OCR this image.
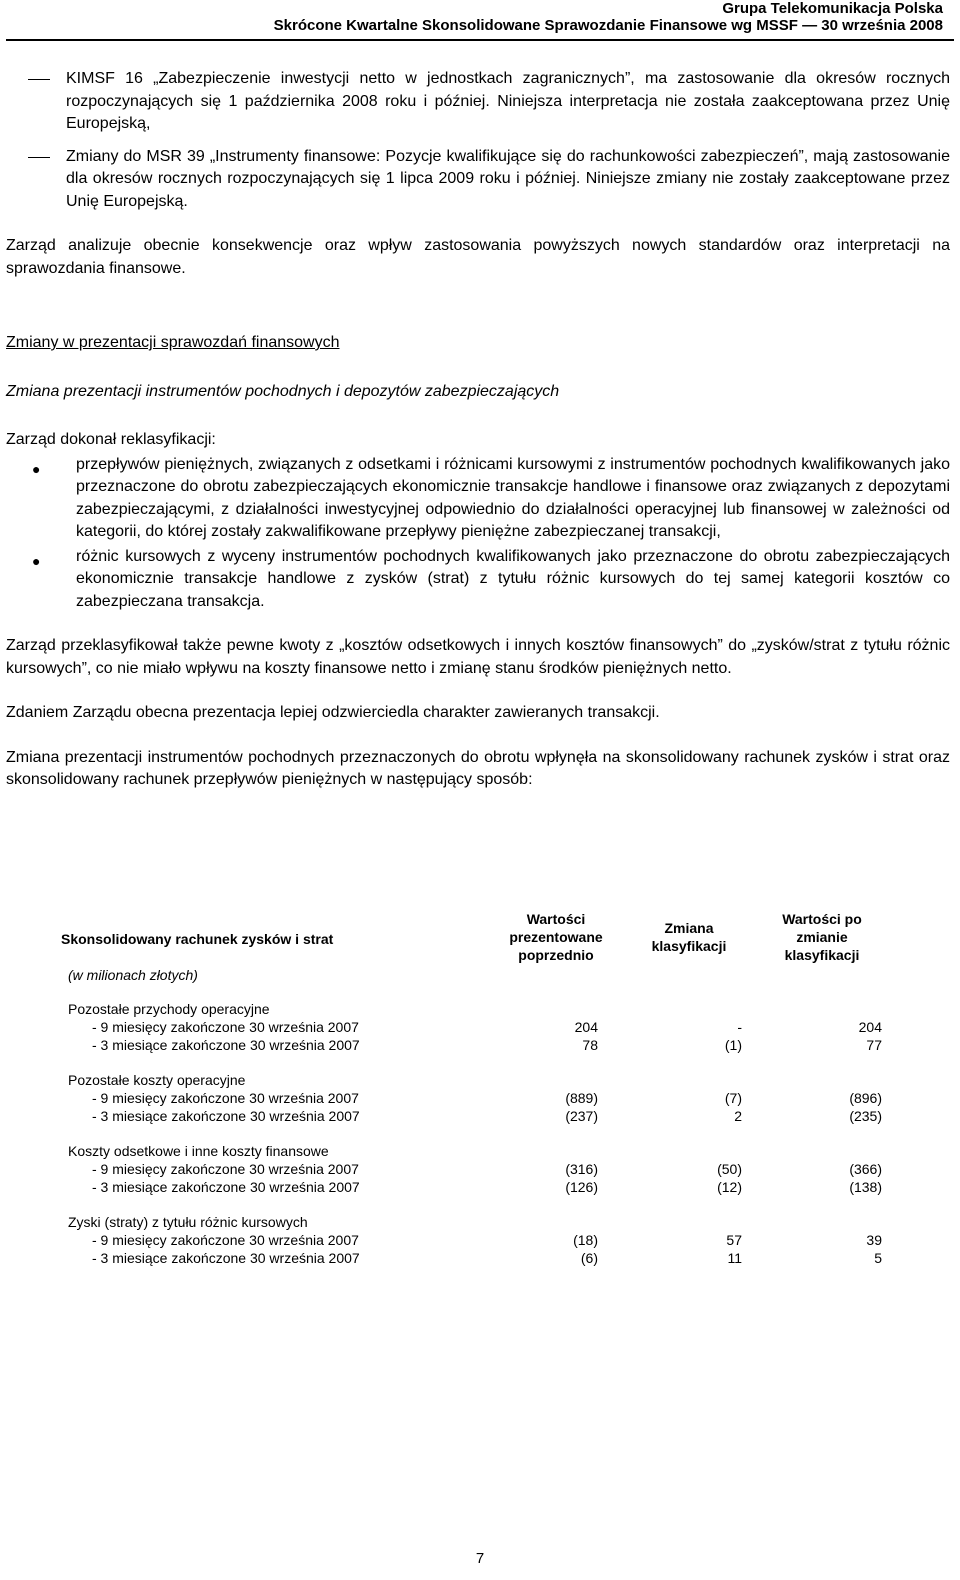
Grupa Telekomunikacja Polska
Skrócone Kwartalne Skonsolidowane Sprawozdanie Finansowe wg MSSF — 30 września 2008
KIMSF 16 „Zabezpieczenie inwestycji netto w jednostkach zagranicznych”, ma zastosowanie dla okresów rocznych rozpoczynających się 1 października 2008 roku i później. Niniejsza interpretacja nie została zaakceptowana przez Unię Europejską,
Zmiany do MSR 39 „Instrumenty finansowe: Pozycje kwalifikujące się do rachunkowości zabezpieczeń”, mają zastosowanie dla okresów rocznych rozpoczynających się 1 lipca 2009 roku i później. Niniejsze zmiany nie zostały zaakceptowane przez Unię Europejską.

Zarząd analizuje obecnie konsekwencje oraz wpływ zastosowania powyższych nowych standardów oraz interpretacji na sprawozdania finansowe.

Zmiany w prezentacji sprawozdań finansowych

Zmiana prezentacji instrumentów pochodnych i depozytów zabezpieczających

Zarząd dokonał reklasyfikacji:

● przepływów pieniężnych, związanych z odsetkami i różnicami kursowymi z instrumentów pochodnych kwalifikowanych jako przeznaczone do obrotu zabezpieczających ekonomicznie transakcje handlowe i finansowe oraz związanych z depozytami zabezpieczającymi, z działalności inwestycyjnej odpowiednio do działalności operacyjnej lub finansowej w zależności od kategorii, do której zostały zakwalifikowane przepływy pieniężne zabezpieczanej transakcji,
● różnic kursowych z wyceny instrumentów pochodnych kwalifikowanych jako przeznaczone do obrotu zabezpieczających ekonomicznie transakcje handlowe z zysków (strat) z tytułu różnic kursowych do tej samej kategorii kosztów co zabezpieczana transakcja.

Zarząd przeklasyfikował także pewne kwoty z „kosztów odsetkowych i innych kosztów finansowych” do „zysków/strat z tytułu różnic kursowych”, co nie miało wpływu na koszty finansowe netto i zmianę stanu środków pieniężnych netto.

Zdaniem Zarządu obecna prezentacja lepiej odzwierciedla charakter zawieranych transakcji.

Zmiana prezentacji instrumentów pochodnych przeznaczonych do obrotu wpłynęła na skonsolidowany rachunek zysków i strat oraz skonsolidowany rachunek przepływów pieniężnych w następujący sposób:

Skonsolidowany rachunek zysków i strat
(w milionach złotych)
Wartości
prezentowane
poprzednio
Zmiana
klasyfikacji
Wartości po
zmianie
klasyfikacji
Pozostałe przychody operacyjne
- 9 miesięcy zakończone 30 września 2007	204	-	204
- 3 miesiące zakończone 30 września 2007	78	(1)	77
Pozostałe koszty operacyjne
- 9 miesięcy zakończone 30 września 2007	(889)	(7)	(896)
- 3 miesiące zakończone 30 września 2007	(237)	2	(235)
Koszty odsetkowe i inne koszty finansowe
- 9 miesięcy zakończone 30 września 2007	(316)	(50)	(366)
- 3 miesiące zakończone 30 września 2007	(126)	(12)	(138)
Zyski (straty) z tytułu różnic kursowych
- 9 miesięcy zakończone 30 września 2007	(18)	57	39
- 3 miesiące zakończone 30 września 2007	(6)	11	5
7
